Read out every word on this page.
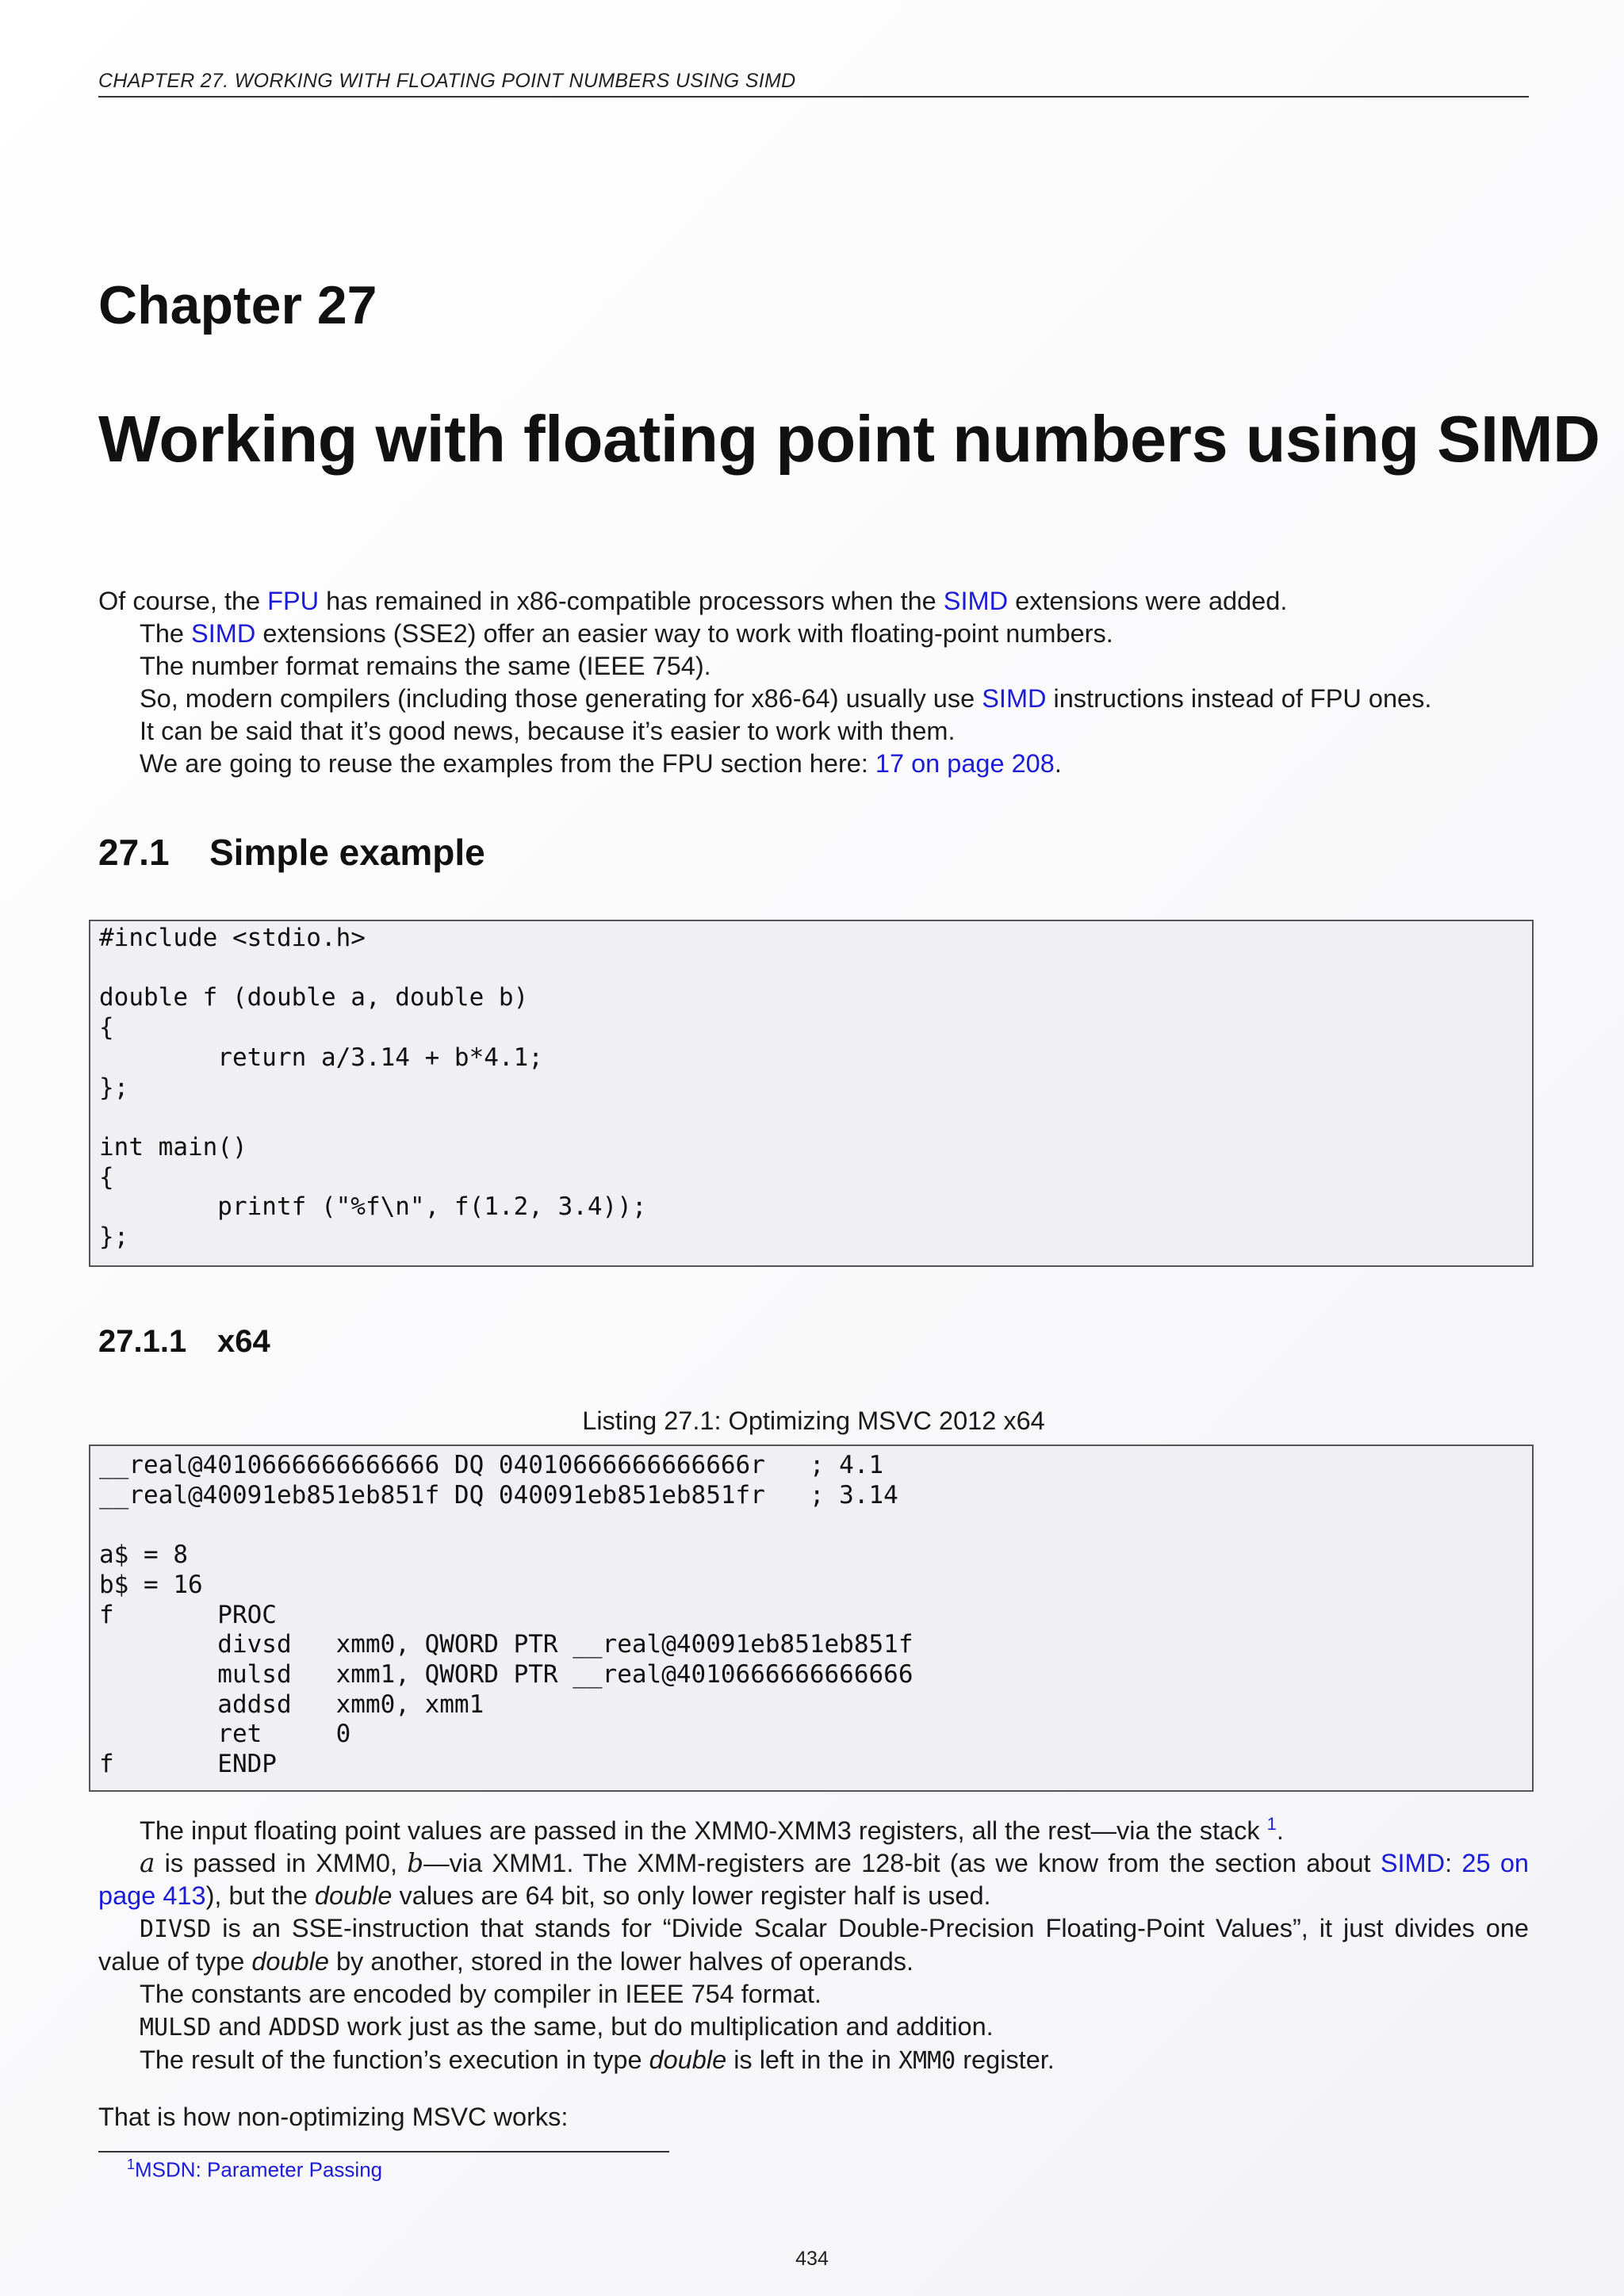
CHAPTER 27. WORKING WITH FLOATING POINT NUMBERS USING SIMD
Chapter 27
Working with floating point numbers using SIMD

Of course, the FPU has remained in x86-compatible processors when the SIMD extensions were added.

The SIMD extensions (SSE2) offer an easier way to work with floating-point numbers.

The number format remains the same (IEEE 754).

So, modern compilers (including those generating for x86-64) usually use SIMD instructions instead of FPU ones.

It can be said that it’s good news, because it’s easier to work with them.

We are going to reuse the examples from the FPU section here: 17 on page 208.

27.1 Simple example
#include <stdio.h>

double f (double a, double b)
{
return a/3.14 + b*4.1;
};

int main()
{
printf ("%f\n", f(1.2, 3.4));
};
27.1.1 x64
Listing 27.1: Optimizing MSVC 2012 x64
__real@4010666666666666 DQ 04010666666666666r   ; 4.1
__real@40091eb851eb851f DQ 040091eb851eb851fr   ; 3.14

a$ = 8
b$ = 16
f       PROC
divsd   xmm0, QWORD PTR __real@40091eb851eb851f
mulsd   xmm1, QWORD PTR __real@4010666666666666
addsd   xmm0, xmm1
ret     0
f       ENDP

The input floating point values are passed in the XMM0-XMM3 registers, all the rest—via the stack $^1$.

a is passed in XMM0, b—via XMM1. The XMM-registers are 128-bit (as we know from the section about SIMD: 25 on page 413), but the double values are 64 bit, so only lower register half is used.

DIVSD is an SSE-instruction that stands for “Divide Scalar Double-Precision Floating-Point Values”, it just divides one value of type double by another, stored in the lower halves of operands.

The constants are encoded by compiler in IEEE 754 format.

MULSD and ADDSD work just as the same, but do multiplication and addition.

The result of the function’s execution in type double is left in the in XMM0 register.

That is how non-optimizing MSVC works:
$^1$MSDN: Parameter Passing
434
